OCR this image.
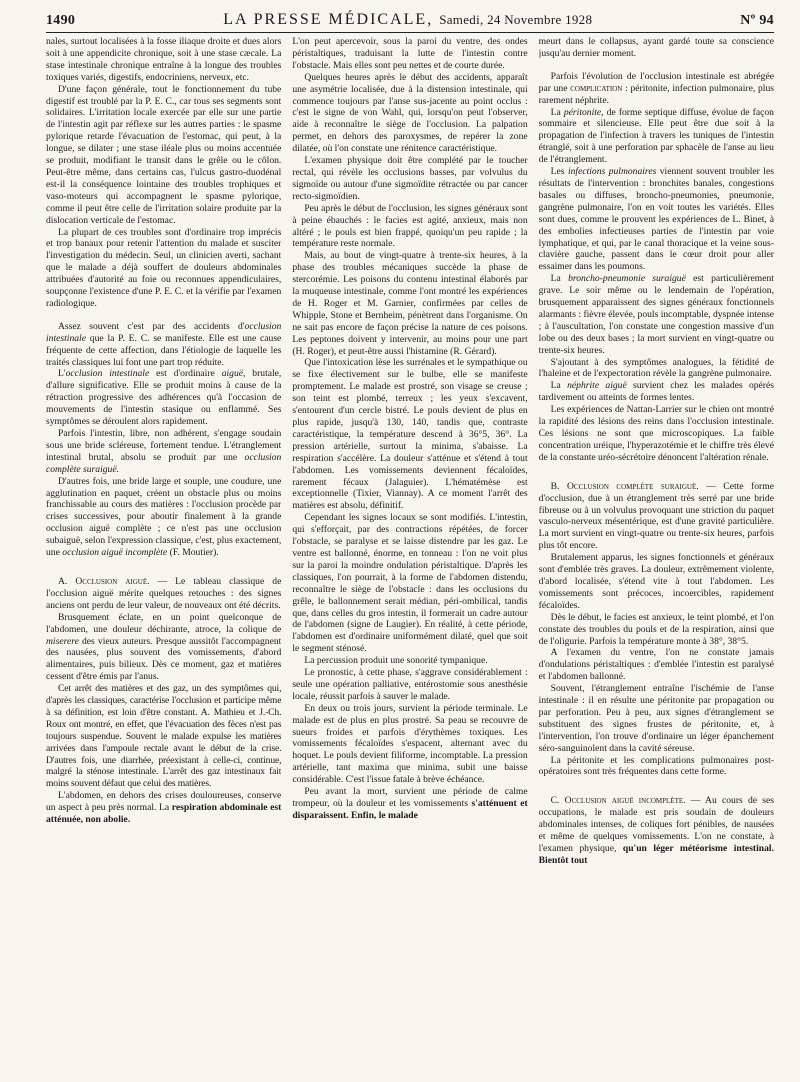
1490	LA PRESSE MÉDICALE, Samedi, 24 Novembre 1928	Nº 94

nales, surtout localisées à la fosse iliaque droite et dues alors soit à une appendicite chronique, soit à une stase cæcale. La stase intestinale chronique entraîne à la longue des troubles toxiques variés, digestifs, endocriniens, nerveux, etc.

D'une façon générale, tout le fonctionnement du tube digestif est troublé par la P. E. C., car tous ses segments sont solidaires. L'irritation locale exercée par elle sur une partie de l'intestin agit par réflexe sur les autres parties : le spasme pylorique retarde l'évacuation de l'estomac, qui peut, à la longue, se dilater ; une stase iléale plus ou moins accentuée se produit, modifiant le transit dans le grêle ou le côlon. Peut-être même, dans certains cas, l'ulcus gastro-duodénal est-il la conséquence lointaine des troubles trophiques et vaso-moteurs qui accompagnent le spasme pylorique, comme il peut être celle de l'irritation solaire produite par la dislocation verticale de l'estomac.

La plupart de ces troubles sont d'ordinaire trop imprécis et trop banaux pour retenir l'attention du malade et susciter l'investigation du médecin. Seul, un clinicien averti, sachant que le malade a déjà souffert de douleurs abdominales attribuées d'autorité au foie ou reconnues appendiculaires, soupçonne l'existence d'une P. E. C. et la vérifie par l'examen radiologique.

Assez souvent c'est par des accidents d'occlusion intestinale que la P. E. C. se manifeste. Elle est une cause fréquente de cette affection, dans l'étiologie de laquelle les traités classiques lui font une part trop réduite.

L'occlusion intestinale est d'ordinaire aiguë, brutale, d'allure significative. Elle se produit moins à cause de la rétraction progressive des adhérences qu'à l'occasion de mouvements de l'intestin stasique ou enflammé. Ses symptômes se déroulent alors rapidement.

Parfois l'intestin, libre, non adhérent, s'engage soudain sous une bride scléreuse, fortement tendue. L'étranglement intestinal brutal, absolu se produit par une occlusion complète suraiguë.

D'autres fois, une bride large et souple, une coudure, une agglutination en paquet, créent un obstacle plus ou moins franchissable au cours des matières : l'occlusion procède par crises successives, pour aboutir finalement à la grande occlusion aiguë complète ; ce n'est pas une occlusion subaiguë, selon l'expression classique, c'est, plus exactement, une occlusion aiguë incomplète (F. Moutier).

A. Occlusion aiguë. — Le tableau classique de l'occlusion aiguë mérite quelques retouches : des signes anciens ont perdu de leur valeur, de nouveaux ont été décrits.

Brusquement éclate, en un point quelconque de l'abdomen, une douleur déchirante, atroce, la colique de miserere des vieux auteurs. Presque aussitôt l'accompagnent des nausées, plus souvent des vomissements, d'abord alimentaires, puis bilieux. Dès ce moment, gaz et matières cessent d'être émis par l'anus.

Cet arrêt des matières et des gaz, un des symptômes qui, d'après les classiques, caractérise l'occlusion et participe même à sa définition, est loin d'être constant. A. Mathieu et J.-Ch. Roux ont montré, en effet, que l'évacuation des fèces n'est pas toujours suspendue. Souvent le malade expulse les matières arrivées dans l'ampoule rectale avant le début de la crise. D'autres fois, une diarrhée, préexistant à celle-ci, continue, malgré la sténose intestinale. L'arrêt des gaz intestinaux fait moins souvent défaut que celui des matières.

L'abdomen, en dehors des crises douloureuses, conserve un aspect à peu près normal. La respiration abdominale est atténuée, non abolie.

L'on peut apercevoir, sous la paroi du ventre, des ondes péristaltiques, traduisant la lutte de l'intestin contre l'obstacle. Mais elles sont peu nettes et de courte durée.

Quelques heures après le début des accidents, apparaît une asymétrie localisée, due à la distension intestinale, qui commence toujours par l'anse sus-jacente au point occlus : c'est le signe de von Wahl, qui, lorsqu'on peut l'observer, aide à reconnaître le siège de l'occlusion. La palpation permet, en dehors des paroxysmes, de repérer la zone dilatée, où l'on constate une rénitence caractéristique.

L'examen physique doit être complété par le toucher rectal, qui révèle les occlusions basses, par volvulus du sigmoïde ou autour d'une sigmoïdite rétractée ou par cancer recto-sigmoïdien.

Peu après le début de l'occlusion, les signes généraux sont à peine ébauchés : le facies est agité, anxieux, mais non altéré ; le pouls est bien frappé, quoiqu'un peu rapide ; la température reste normale.

Mais, au bout de vingt-quatre à trente-six heures, à la phase des troubles mécaniques succède la phase de stercorémie. Les poisons du contenu intestinal élaborés par la muqueuse intestinale, comme l'ont montré les expériences de H. Roger et M. Garnier, confirmées par celles de Whipple, Stone et Bernheim, pénètrent dans l'organisme. On ne sait pas encore de façon précise la nature de ces poisons. Les peptones doivent y intervenir, au moins pour une part (H. Roger), et peut-être aussi l'histamine (R. Gérard).

Que l'intoxication lèse les surrénales et le sympathique ou se fixe électivement sur le bulbe, elle se manifeste promptement. Le malade est prostré, son visage se creuse ; son teint est plombé, terreux ; les yeux s'excavent, s'entourent d'un cercle bistré. Le pouls devient de plus en plus rapide, jusqu'à 130, 140, tandis que, contraste caractéristique, la température descend à 36°5, 36°. La pression artérielle, surtout la minima, s'abaisse. La respiration s'accélère. La douleur s'atténue et s'étend à tout l'abdomen. Les vomissements deviennent fécaloïdes, rarement fécaux (Jalaguier). L'hématémèse est exceptionnelle (Tixier, Viannay). A ce moment l'arrêt des matières est absolu, définitif.

Cependant les signes locaux se sont modifiés. L'intestin, qui s'efforçait, par des contractions répétées, de forcer l'obstacle, se paralyse et se laisse distendre par les gaz. Le ventre est ballonné, énorme, en tonneau : l'on ne voit plus sur la paroi la moindre ondulation péristaltique. D'après les classiques, l'on pourrait, à la forme de l'abdomen distendu, reconnaître le siège de l'obstacle : dans les occlusions du grêle, le ballonnement serait médian, péri-ombilical, tandis que, dans celles du gros intestin, il formerait un cadre autour de l'abdomen (signe de Laugier). En réalité, à cette période, l'abdomen est d'ordinaire uniformément dilaté, quel que soit le segment sténosé.

La percussion produit une sonorité tympanique.

Le pronostic, à cette phase, s'aggrave considérablement : seule une opération palliative, entérostomie sous anesthésie locale, réussit parfois à sauver le malade.

En deux ou trois jours, survient la période terminale. Le malade est de plus en plus prostré. Sa peau se recouvre de sueurs froides et parfois d'érythèmes toxiques. Les vomissements fécaloïdes s'espacent, alternant avec du hoquet. Le pouls devient filiforme, incomptable. La pression artérielle, tant maxima que minima, subit une baisse considérable. C'est l'issue fatale à brève échéance.

Peu avant la mort, survient une période de calme trompeur, où la douleur et les vomissements s'atténuent et disparaissent. Enfin, le malade

meurt dans le collapsus, ayant gardé toute sa conscience jusqu'au dernier moment.

Parfois l'évolution de l'occlusion intestinale est abrégée par une complication : péritonite, infection pulmonaire, plus rarement néphrite.

La péritonite, de forme septique diffuse, évolue de façon sommaire et silencieuse. Elle peut être due soit à la propagation de l'infection à travers les tuniques de l'intestin étranglé, soit à une perforation par sphacèle de l'anse au lieu de l'étranglement.

Les infections pulmonaires viennent souvent troubler les résultats de l'intervention : bronchites banales, congestions basales ou diffuses, broncho-pneumonies, pneumonie, gangrène pulmonaire, l'on en voit toutes les variétés. Elles sont dues, comme le prouvent les expériences de L. Binet, à des embolies infectieuses parties de l'intestin par voie lymphatique, et qui, par le canal thoracique et la veine sous-clavière gauche, passent dans le cœur droit pour aller essaimer dans les poumons.

La broncho-pneumonie suraiguë est particulièrement grave. Le soir même ou le lendemain de l'opération, brusquement apparaissent des signes généraux fonctionnels alarmants : fièvre élevée, pouls incomptable, dyspnée intense ; à l'auscultation, l'on constate une congestion massive d'un lobe ou des deux bases ; la mort survient en vingt-quatre ou trente-six heures.

S'ajoutant à des symptômes analogues, la fétidité de l'haleine et de l'expectoration révèle la gangrène pulmonaire.

La néphrite aiguë survient chez les malades opérés tardivement ou atteints de formes lentes.

Les expériences de Nattan-Larrier sur le chien ont montré la rapidité des lésions des reins dans l'occlusion intestinale. Ces lésions ne sont que microscopiques. La faible concentration uréique, l'hyperazotémie et le chiffre très élevé de la constante uréo-sécrétoire dénoncent l'altération rénale.

B. Occlusion complète suraiguë. — Cette forme d'occlusion, due à un étranglement très serré par une bride fibreuse ou à un volvulus provoquant une striction du paquet vasculo-nerveux mésentérique, est d'une gravité particulière. La mort survient en vingt-quatre ou trente-six heures, parfois plus tôt encore.

Brutalement apparus, les signes fonctionnels et généraux sont d'emblée très graves. La douleur, extrêmement violente, d'abord localisée, s'étend vite à tout l'abdomen. Les vomissements sont précoces, incoercibles, rapidement fécaloïdes.

Dès le début, le facies est anxieux, le teint plombé, et l'on constate des troubles du pouls et de la respiration, ainsi que de l'oligurie. Parfois la température monte à 38°, 38°5.

A l'examen du ventre, l'on ne constate jamais d'ondulations péristaltiques : d'emblée l'intestin est paralysé et l'abdomen ballonné.

Souvent, l'étranglement entraîne l'ischémie de l'anse intestinale : il en résulte une péritonite par propagation ou par perforation. Peu à peu, aux signes d'étranglement se substituent des signes frustes de péritonite, et, à l'intervention, l'on trouve d'ordinaire un léger épanchement séro-sanguinolent dans la cavité séreuse.

La péritonite et les complications pulmonaires post-opératoires sont très fréquentes dans cette forme.

C. Occlusion aiguë incomplète. — Au cours de ses occupations, le malade est pris soudain de douleurs abdominales intenses, de coliques fort pénibles, de nausées et même de quelques vomissements. L'on ne constate, à l'examen physique, qu'un léger météorisme intestinal. Bientôt tout
